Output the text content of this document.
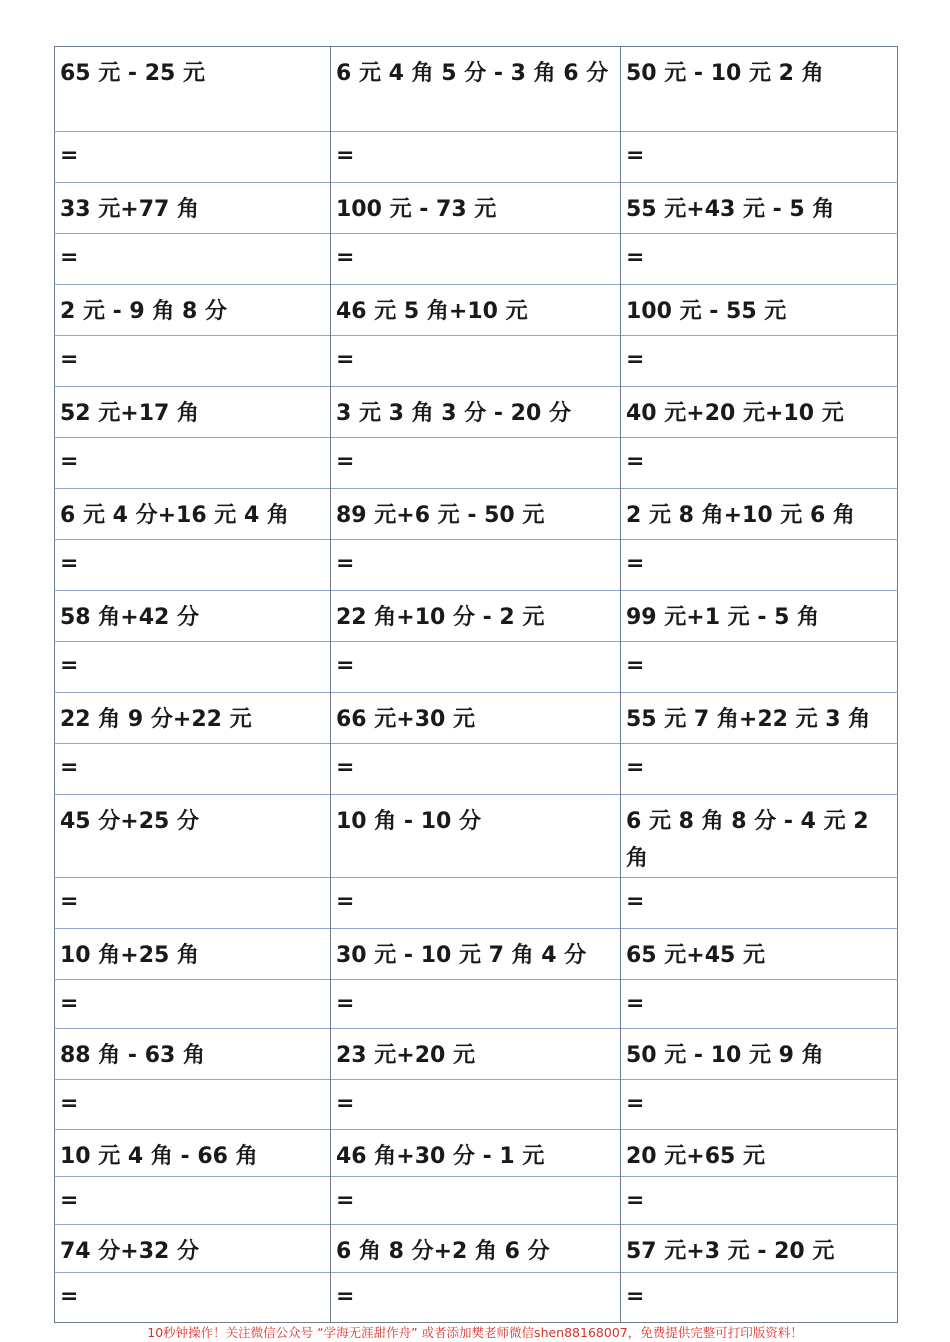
65 元 - 25 元	6 元 4 角 5 分 - 3 角 6 分	50 元 - 10 元 2 角
=	=	=
33 元+77 角	100 元 - 73 元	55 元+43 元 - 5 角
=	=	=
2 元 - 9 角 8 分	46 元 5 角+10 元	100 元 - 55 元
=	=	=
52 元+17 角	3 元 3 角 3 分 - 20 分	40 元+20 元+10 元
=	=	=
6 元 4 分+16 元 4 角	89 元+6 元 - 50 元	2 元 8 角+10 元 6 角
=	=	=
58 角+42 分	22 角+10 分 - 2 元	99 元+1 元 - 5 角
=	=	=
22 角 9 分+22 元	66 元+30 元	55 元 7 角+22 元 3 角
=	=	=
45 分+25 分	10 角 - 10 分	6 元 8 角 8 分 - 4 元 2 角
=	=	=
10 角+25 角	30 元 - 10 元 7 角 4 分	65 元+45 元
=	=	=
88 角 - 63 角	23 元+20 元	50 元 - 10 元 9 角
=	=	=
10 元 4 角 - 66 角	46 角+30 分 - 1 元	20 元+65 元
=	=	=
74 分+32 分	6 角 8 分+2 角 6 分	57 元+3 元 - 20 元
=	=	=
10秒钟操作！关注微信公众号 “学海无涯甜作舟” 或者添加樊老师微信shen88168007，免费提供完整可打印版资料！
